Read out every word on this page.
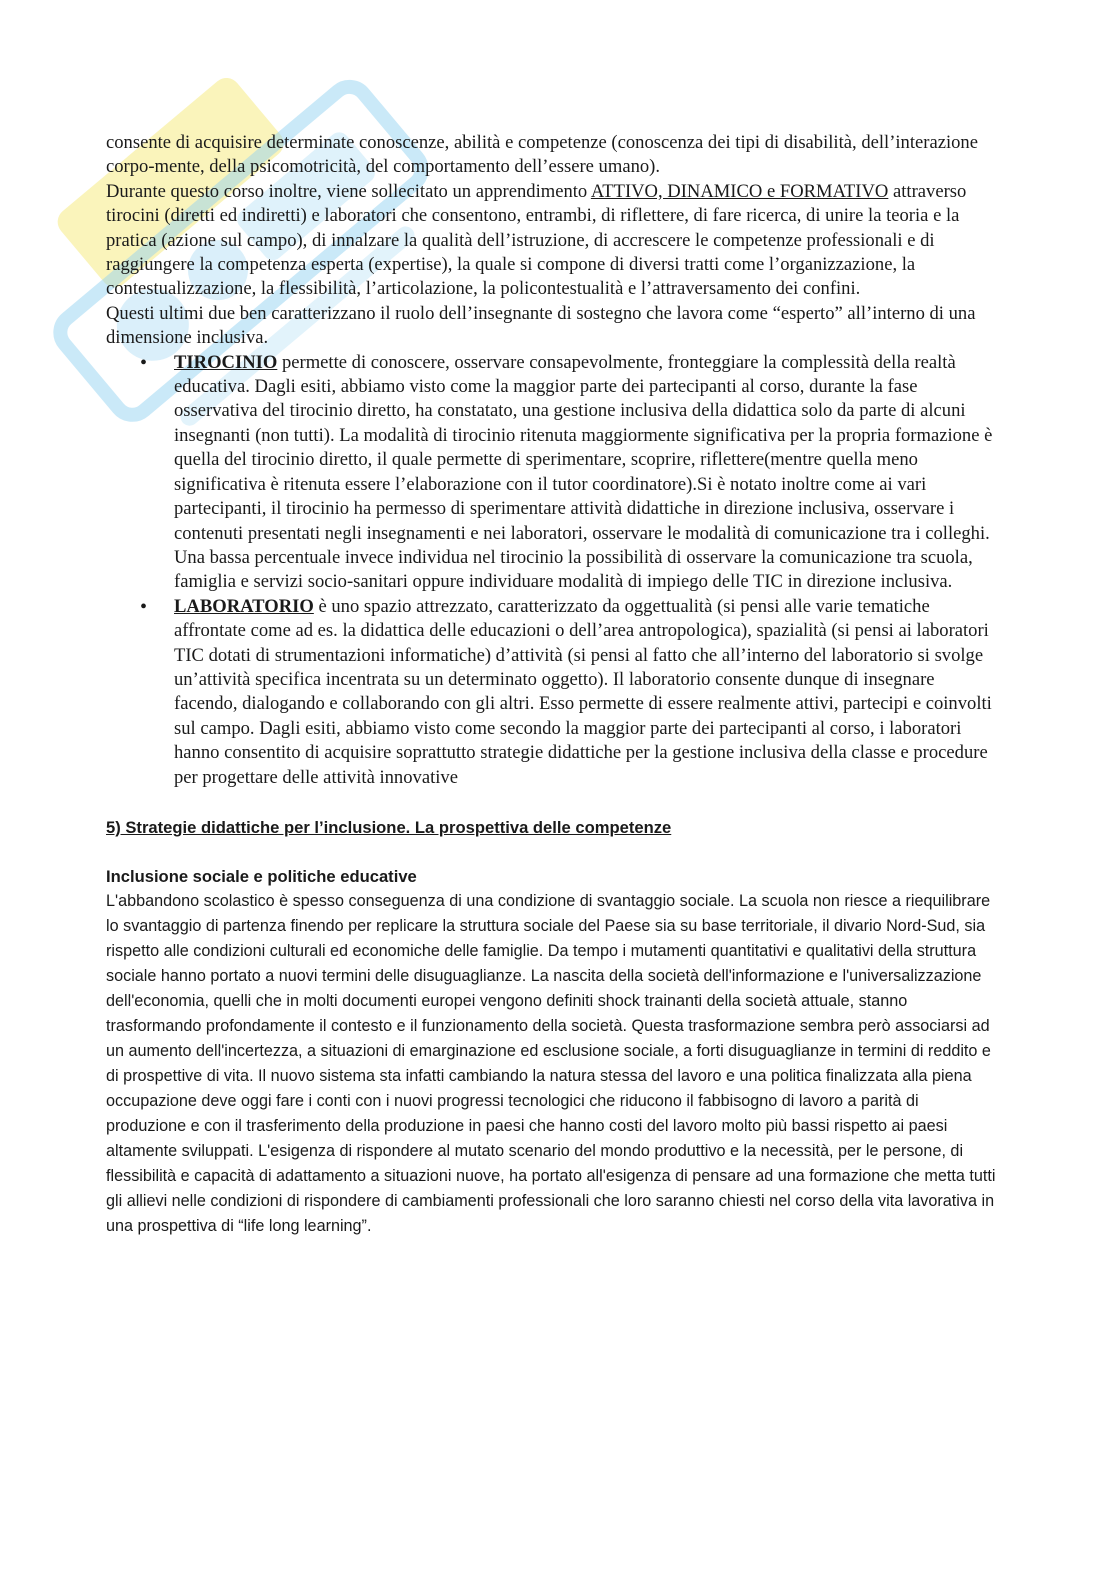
consente di acquisire determinate conoscenze, abilità e competenze (conoscenza dei tipi di disabilità, dell’interazione corpo-mente, della psicomotricità, del comportamento dell’essere umano).

Durante questo corso inoltre, viene sollecitato un apprendimento ATTIVO, DINAMICO e FORMATIVO attraverso tirocini (diretti ed indiretti) e laboratori che consentono, entrambi, di riflettere, di fare ricerca, di unire la teoria e la pratica (azione sul campo), di innalzare la qualità dell’istruzione, di accrescere le competenze professionali e di raggiungere la competenza esperta (expertise), la quale si compone di diversi tratti come l’organizzazione, la contestualizzazione, la flessibilità, l’articolazione, la policontestualità e l’attraversamento dei confini.

Questi ultimi due ben caratterizzano il ruolo dell’insegnante di sostegno che lavora come “esperto” all’interno di una dimensione inclusiva.

• TIROCINIO permette di conoscere, osservare consapevolmente, fronteggiare la complessità della realtà educativa. Dagli esiti, abbiamo visto come la maggior parte dei partecipanti al corso, durante la fase osservativa del tirocinio diretto, ha constatato, una gestione inclusiva della didattica solo da parte di alcuni insegnanti (non tutti). La modalità di tirocinio ritenuta maggiormente significativa per la propria formazione è quella del tirocinio diretto, il quale permette di sperimentare, scoprire, riflettere(mentre quella meno significativa è ritenuta essere l’elaborazione con il tutor coordinatore).Si è notato inoltre come ai vari partecipanti, il tirocinio ha permesso di sperimentare attività didattiche in direzione inclusiva, osservare i contenuti presentati negli insegnamenti e nei laboratori, osservare le modalità di comunicazione tra i colleghi. Una bassa percentuale invece individua nel tirocinio la possibilità di osservare la comunicazione tra scuola, famiglia e servizi socio-sanitari oppure individuare modalità di impiego delle TIC in direzione inclusiva.
• LABORATORIO è uno spazio attrezzato, caratterizzato da oggettualità (si pensi alle varie tematiche affrontate come ad es. la didattica delle educazioni o dell’area antropologica), spazialità (si pensi ai laboratori TIC dotati di strumentazioni informatiche) d’attività (si pensi al fatto che all’interno del laboratorio si svolge un’attività specifica incentrata su un determinato oggetto). Il laboratorio consente dunque di insegnare facendo, dialogando e collaborando con gli altri. Esso permette di essere realmente attivi, partecipi e coinvolti sul campo. Dagli esiti, abbiamo visto come secondo la maggior parte dei partecipanti al corso, i laboratori hanno consentito di acquisire soprattutto strategie didattiche per la gestione inclusiva della classe e procedure per progettare delle attività innovative

5) Strategie didattiche per l’inclusione. La prospettiva delle competenze

Inclusione sociale e politiche educative

L'abbandono scolastico è spesso conseguenza di una condizione di svantaggio sociale. La scuola non riesce a riequilibrare lo svantaggio di partenza finendo per replicare la struttura sociale del Paese sia su base territoriale, il divario Nord-Sud, sia rispetto alle condizioni culturali ed economiche delle famiglie. Da tempo i mutamenti quantitativi e qualitativi della struttura sociale hanno portato a nuovi termini delle disuguaglianze. La nascita della società dell'informazione e l'universalizzazione dell'economia, quelli che in molti documenti europei vengono definiti shock trainanti della società attuale, stanno trasformando profondamente il contesto e il funzionamento della società. Questa trasformazione sembra però associarsi ad un aumento dell'incertezza, a situazioni di emarginazione ed esclusione sociale, a forti disuguaglianze in termini di reddito e di prospettive di vita. Il nuovo sistema sta infatti cambiando la natura stessa del lavoro e una politica finalizzata alla piena occupazione deve oggi fare i conti con i nuovi progressi tecnologici che riducono il fabbisogno di lavoro a parità di produzione e con il trasferimento della produzione in paesi che hanno costi del lavoro molto più bassi rispetto ai paesi altamente sviluppati. L'esigenza di rispondere al mutato scenario del mondo produttivo e la necessità, per le persone, di flessibilità e capacità di adattamento a situazioni nuove, ha portato all'esigenza di pensare ad una formazione che metta tutti gli allievi nelle condizioni di rispondere di cambiamenti professionali che loro saranno chiesti nel corso della vita lavorativa in una prospettiva di “life long learning”.
